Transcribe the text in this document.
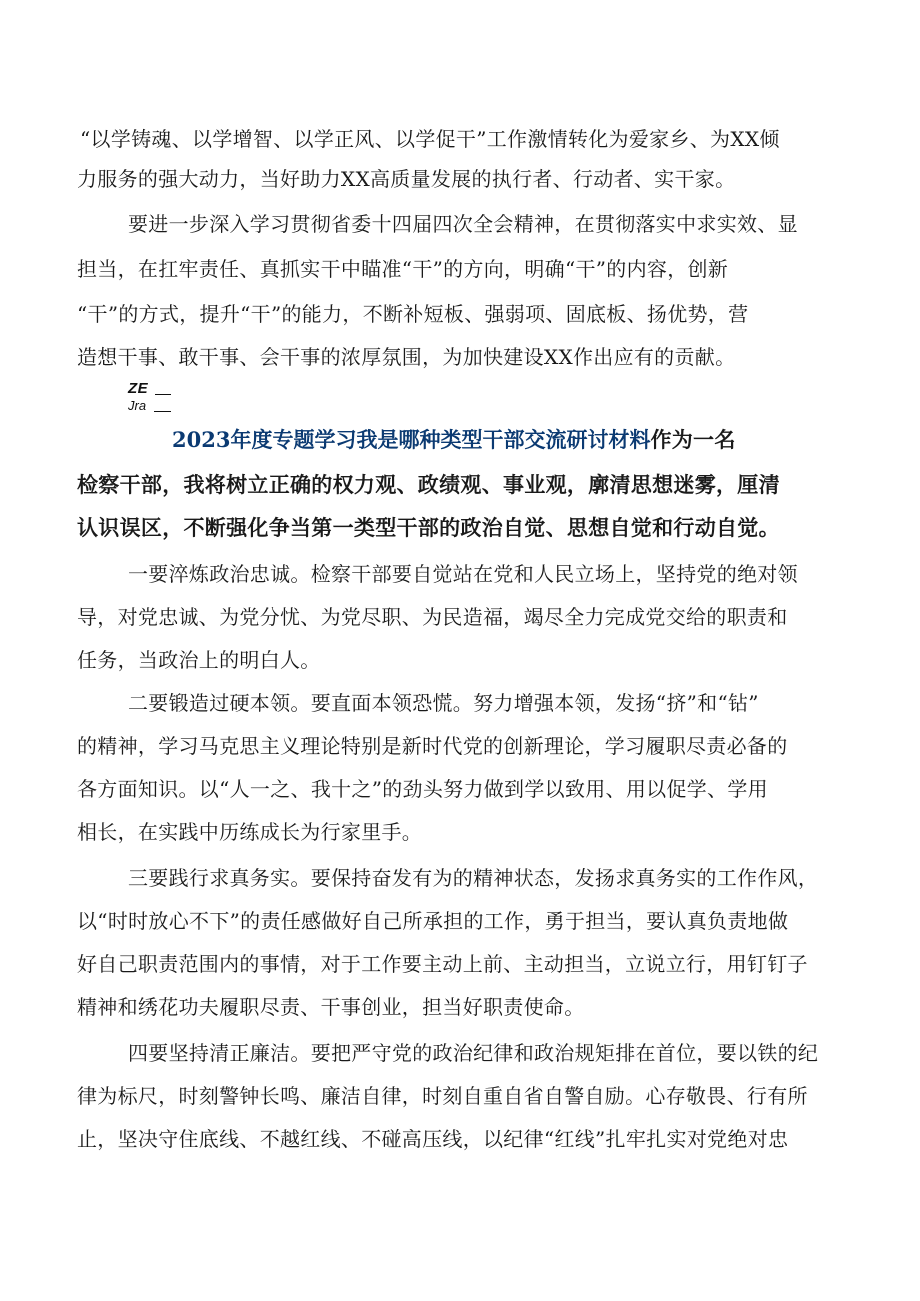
“以学铸魂、以学增智、以学正风、以学促干”工作激情转化为爱家乡、为XX倾
力服务的强大动力，当好助力XX高质量发展的执行者、行动者、实干家。
要进一步深入学习贯彻省委十四届四次全会精神，在贯彻落实中求实效、显
担当，在扛牢责任、真抓实干中瞄准“干”的方向，明确“干”的内容，创新
“干”的方式，提升“干”的能力，不断补短板、强弱项、固底板、扬优势，营
造想干事、敢干事、会干事的浓厚氛围，为加快建设XX作出应有的贡献。
ZE
Jra
2023年度专题学习我是哪种类型干部交流研讨材料作为一名
检察干部，我将树立正确的权力观、政绩观、事业观，廓清思想迷雾，厘清
认识误区，不断强化争当第一类型干部的政治自觉、思想自觉和行动自觉。
一要淬炼政治忠诚。检察干部要自觉站在党和人民立场上，坚持党的绝对领
导，对党忠诚、为党分忧、为党尽职、为民造福，竭尽全力完成党交给的职责和
任务，当政治上的明白人。
二要锻造过硬本领。要直面本领恐慌。努力增强本领，发扬“挤”和“钻”
的精神，学习马克思主义理论特别是新时代党的创新理论，学习履职尽责必备的
各方面知识。以“人一之、我十之”的劲头努力做到学以致用、用以促学、学用
相长，在实践中历练成长为行家里手。
三要践行求真务实。要保持奋发有为的精神状态，发扬求真务实的工作作风，
以“时时放心不下”的责任感做好自己所承担的工作，勇于担当，要认真负责地做
好自己职责范围内的事情，对于工作要主动上前、主动担当，立说立行，用钉钉子
精神和绣花功夫履职尽责、干事创业，担当好职责使命。
四要坚持清正廉洁。要把严守党的政治纪律和政治规矩排在首位，要以铁的纪
律为标尺，时刻警钟长鸣、廉洁自律，时刻自重自省自警自励。心存敬畏、行有所
止，坚决守住底线、不越红线、不碰高压线，以纪律“红线”扎牢扎实对党绝对忠
